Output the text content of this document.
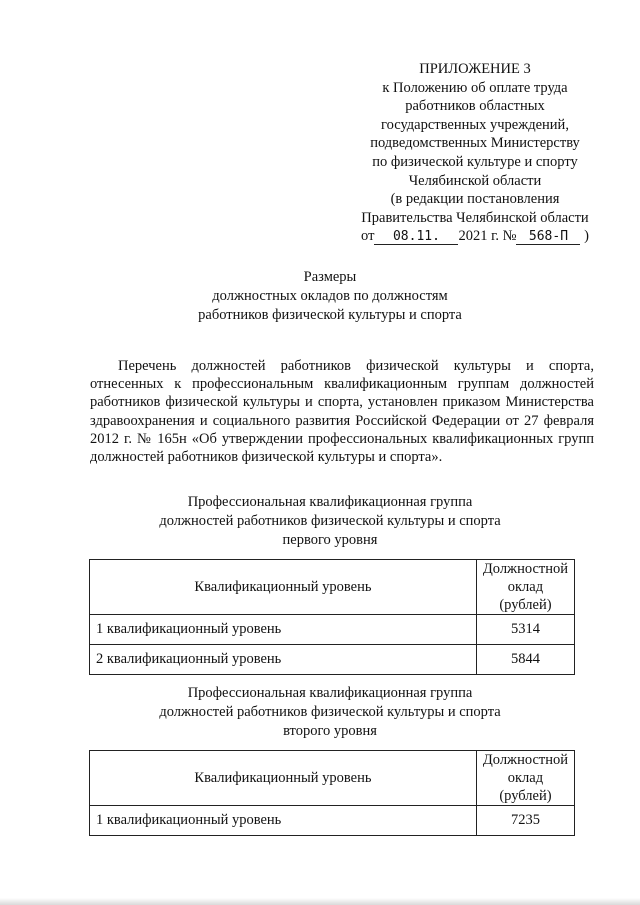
ПРИЛОЖЕНИЕ 3
к Положению об оплате труда
работников областных
государственных учреждений,
подведомственных Министерству
по физической культуре и спорту
Челябинской области
(в редакции постановления
Правительства Челябинской области
от 08.11. 2021 г. № 568-П )
Размеры
должностных окладов по должностям
работников физической культуры и спорта
Перечень должностей работников физической культуры и спорта, отнесенных к профессиональным квалификационным группам должностей работников физической культуры и спорта, установлен приказом Министерства здравоохранения и социального развития Российской Федерации от 27 февраля 2012 г. № 165н «Об утверждении профессиональных квалификационных групп должностей работников физической культуры и спорта».
Профессиональная квалификационная группа
должностей работников физической культуры и спорта
первого уровня
Квалификационный уровень	Должностной
оклад (рублей)
1 квалификационный уровень	5314
2 квалификационный уровень	5844
Профессиональная квалификационная группа
должностей работников физической культуры и спорта
второго уровня
Квалификационный уровень	Должностной
оклад (рублей)
1 квалификационный уровень	7235
